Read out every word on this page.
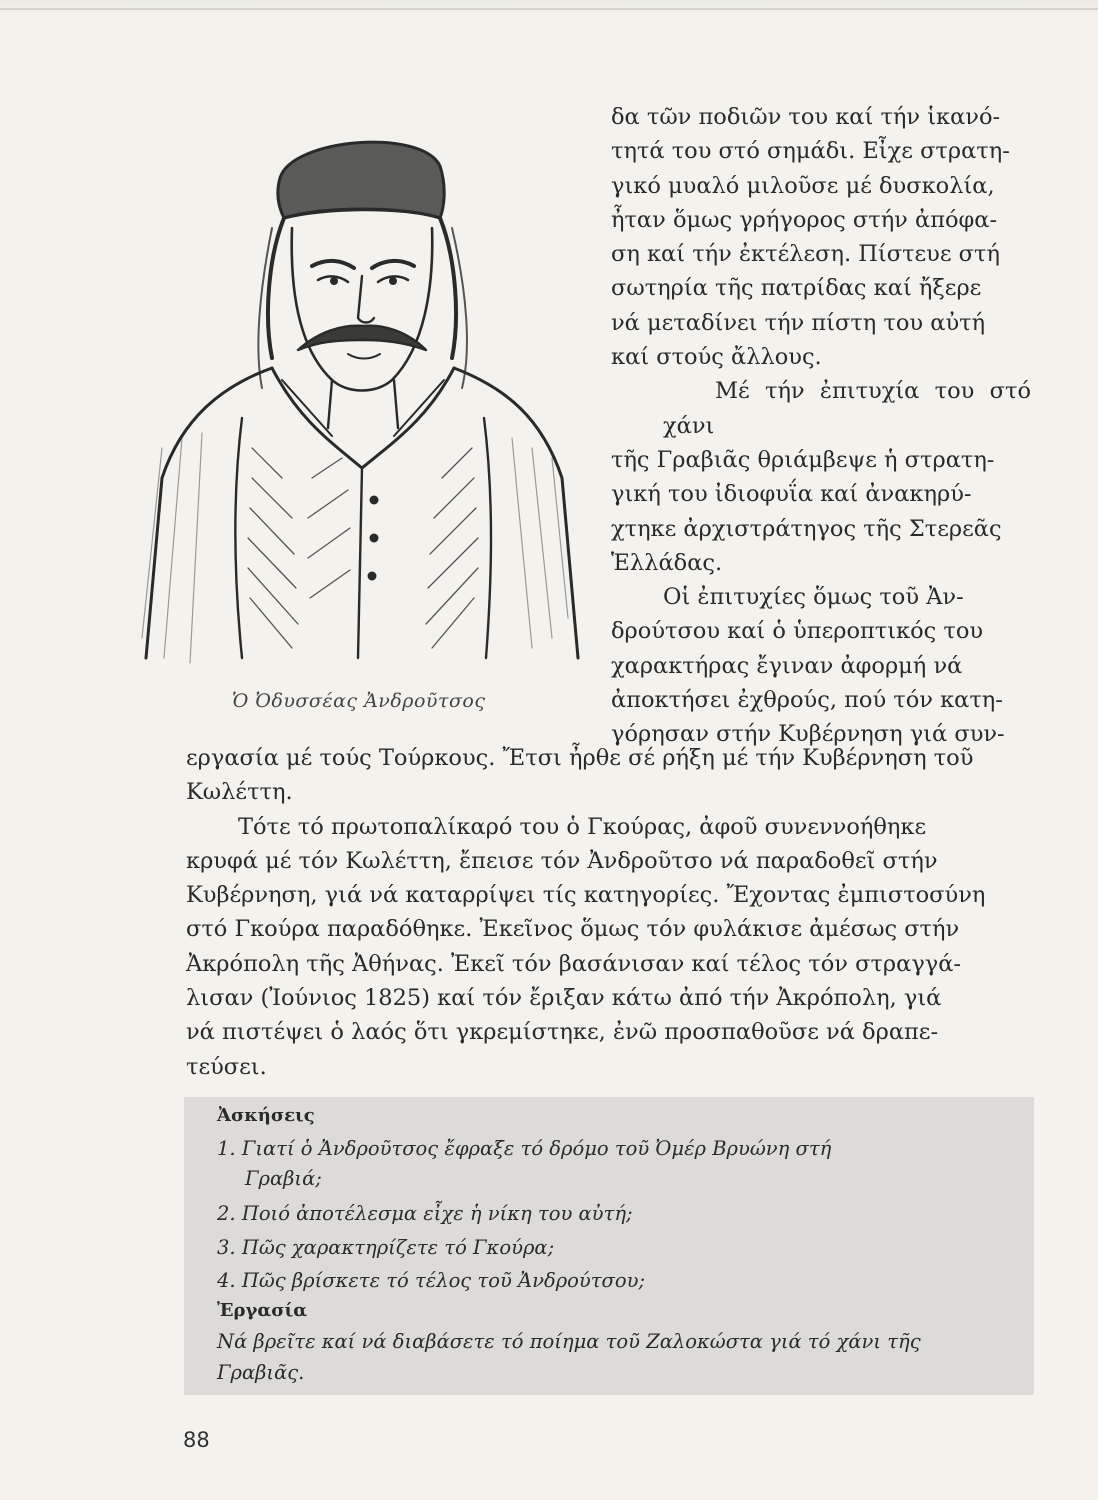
Ὁ Ὀδυσσέας Ἀνδροῦτσος
δα τῶν ποδιῶν του καί τήν ἱκανό-
τητά του στό σημάδι. Εἶχε στρατη-
γικό μυαλό μιλοῦσε μέ δυσκολία,
ἦταν ὅμως γρήγορος στήν ἀπόφα-
ση καί τήν ἐκτέλεση. Πίστευε στή
σωτηρία τῆς πατρίδας καί ἤξερε
νά μεταδίνει τήν πίστη του αὐτή
καί στούς ἄλλους.
Μέ τήν ἐπιτυχία του στό χάνι
τῆς Γραβιᾶς θριάμβεψε ἡ στρατη-
γική του ἰδιοφυΐα καί ἀνακηρύ-
χτηκε ἀρχιστράτηγος τῆς Στερεᾶς
Ἑλλάδας.
Οἱ ἐπιτυχίες ὅμως τοῦ Ἀν-
δρούτσου καί ὁ ὑπεροπτικός του
χαρακτήρας ἔγιναν ἀφορμή νά
ἀποκτήσει ἐχθρούς, πού τόν κατη-
γόρησαν στήν Κυβέρνηση γιά συν-
εργασία μέ τούς Τούρκους. Ἔτσι ἦρθε σέ ρήξη μέ τήν Κυβέρνηση τοῦ
Κωλέττη.
Τότε τό πρωτοπαλίκαρό του ὁ Γκούρας, ἀφοῦ συνεννοήθηκε
κρυφά μέ τόν Κωλέττη, ἔπεισε τόν Ἀνδροῦτσο νά παραδοθεῖ στήν
Κυβέρνηση, γιά νά καταρρίψει τίς κατηγορίες. Ἔχοντας ἐμπιστοσύνη
στό Γκούρα παραδόθηκε. Ἐκεῖνος ὅμως τόν φυλάκισε ἀμέσως στήν
Ἀκρόπολη τῆς Ἀθήνας. Ἐκεῖ τόν βασάνισαν καί τέλος τόν στραγγά-
λισαν (Ἰούνιος 1825) καί τόν ἔριξαν κάτω ἀπό τήν Ἀκρόπολη, γιά
νά πιστέψει ὁ λαός ὅτι γκρεμίστηκε, ἐνῶ προσπαθοῦσε νά δραπε-
τεύσει.
Ἀσκήσεις
1. Γιατί ὁ Ἀνδροῦτσος ἔφραξε τό δρόμο τοῦ Ὀμέρ Βρυώνη στή
Γραβιά;
2. Ποιό ἀποτέλεσμα εἶχε ἡ νίκη του αὐτή;
3. Πῶς χαρακτηρίζετε τό Γκούρα;
4. Πῶς βρίσκετε τό τέλος τοῦ Ἀνδρούτσου;
Ἐργασία
Νά βρεῖτε καί νά διαβάσετε τό ποίημα τοῦ Ζαλοκώστα γιά τό χάνι τῆς
Γραβιᾶς.
88
